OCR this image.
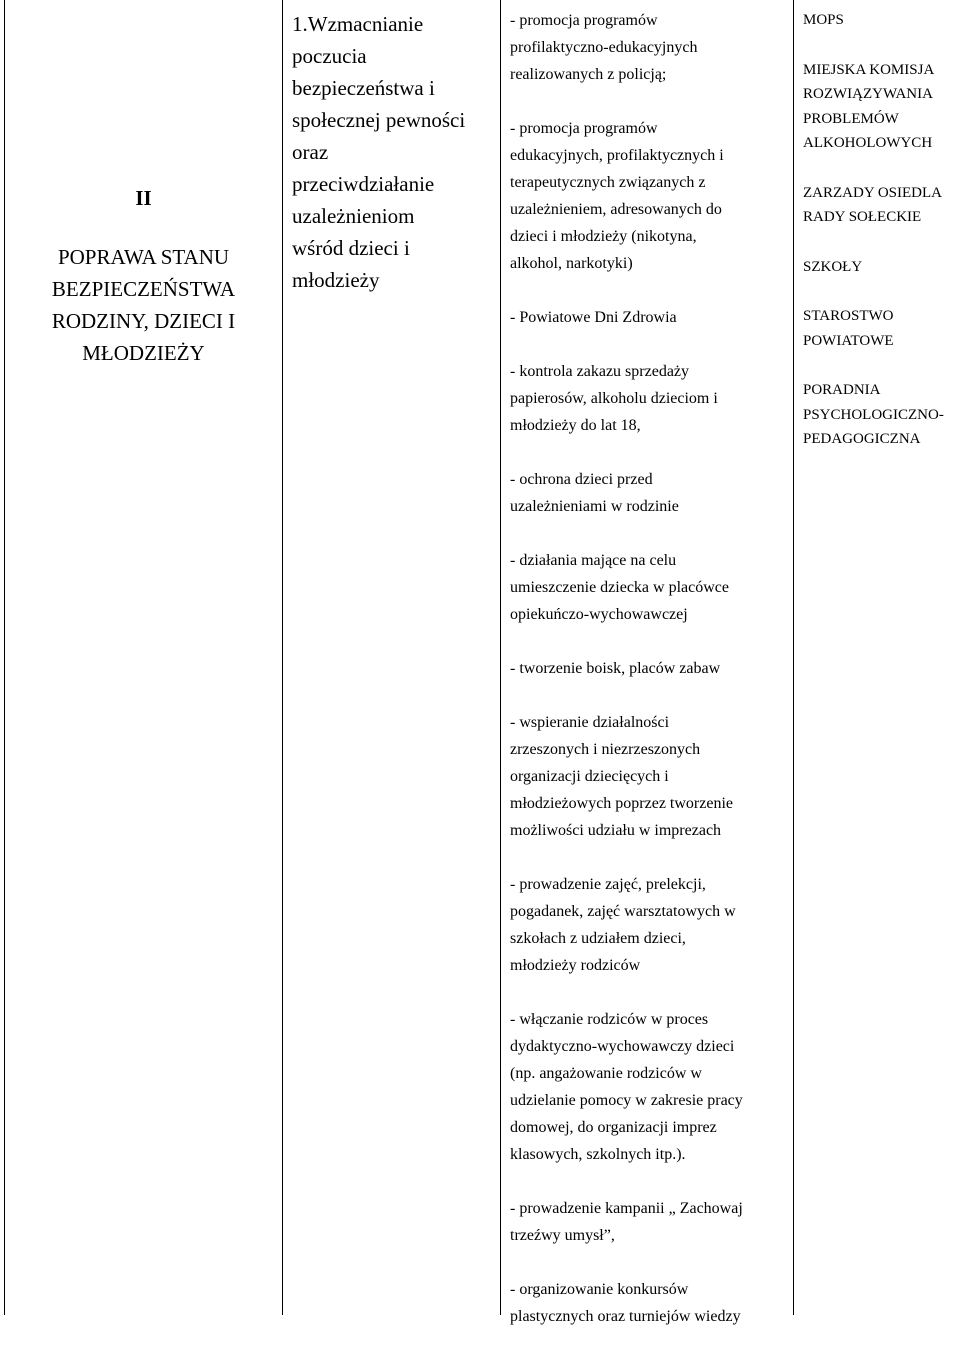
II
POPRAWA STANU
BEZPIECZEŃSTWA
RODZINY, DZIECI I
MŁODZIEŻY
1.Wzmacnianie
poczucia
bezpieczeństwa i
społecznej pewności
oraz
przeciwdziałanie
uzależnieniom
wśród dzieci i
młodzieży
- promocja programów
profilaktyczno-edukacyjnych
realizowanych z policją;
- promocja programów
edukacyjnych, profilaktycznych i
terapeutycznych związanych z
uzależnieniem, adresowanych do
dzieci i młodzieży (nikotyna,
alkohol, narkotyki)
- Powiatowe Dni Zdrowia
- kontrola zakazu sprzedaży
papierosów, alkoholu dzieciom i
młodzieży do lat 18,
- ochrona dzieci przed
uzależnieniami w rodzinie
- działania mające na celu
umieszczenie dziecka w placówce
opiekuńczo-wychowawczej
- tworzenie boisk, placów zabaw
- wspieranie działalności
zrzeszonych i niezrzeszonych
organizacji dziecięcych i
młodzieżowych poprzez tworzenie
możliwości udziału w imprezach
- prowadzenie zajęć, prelekcji,
pogadanek, zajęć warsztatowych w
szkołach z udziałem dzieci,
młodzieży rodziców
- włączanie rodziców w proces
dydaktyczno-wychowawczy dzieci
(np. angażowanie rodziców w
udzielanie pomocy w zakresie pracy
domowej, do organizacji imprez
klasowych, szkolnych itp.).
- prowadzenie kampanii „ Zachowaj
trzeźwy umysł”,
- organizowanie konkursów
plastycznych oraz turniejów wiedzy
MOPS
MIEJSKA KOMISJA
ROZWIĄZYWANIA
PROBLEMÓW
ALKOHOLOWYCH
ZARZADY OSIEDLA
RADY SOŁECKIE
SZKOŁY
STAROSTWO
POWIATOWE
PORADNIA
PSYCHOLOGICZNO-
PEDAGOGICZNA
